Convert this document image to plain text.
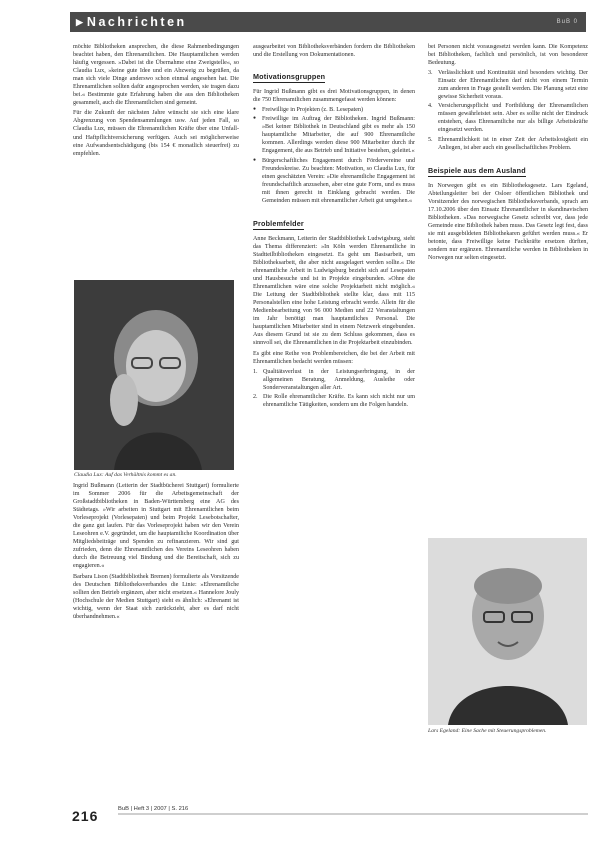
▶ Nachrichten	BuB 0

möchte Bibliotheken ansprechen, die diese Rahmenbedingungen beachtet haben, den Ehrenamtlichen. Die Hauptamtlichen werden häufig vergessen. »Dabei ist die Übernahme eine Zweigstelle«, so Claudia Lux, »keine gute Idee und ein Abzweig zu begrüßen, da man sich viele Dinge anderswo schon einmal angesehen hat. Die Ehrenamtlichen sollten dafür angesprochen werden, sie tragen dazu bei.« Bestimmte gute Erfahrung haben die aus den Bibliotheken gesammelt, auch die Ehrenamtlichen sind gemeint.

Für die Zukunft der nächsten Jahre wünscht sie sich eine klare Abgrenzung von Spendensammlungen usw. Auf jeden Fall, so Claudia Lux, müssen die Ehrenamtlichen Kräfte über eine Unfall- und Haftpflichtversicherung verfügen. Auch sei möglicherweise eine Aufwandsentschädigung (bis 154 € monatlich steuerfrei) zu empfehlen.

Claudia Lux: Auf das Verhältnis kommt es an.

Ingrid Bußmann (Leiterin der Stadtbücherei Stuttgart) formulierte im Sommer 2006 für die Arbeitsgemeinschaft der Großstadtbibliotheken in Baden-Württemberg eine AG des Städtetags. »Wir arbeiten in Stuttgart mit Ehrenamtlichen beim Vorleseprojekt (Vorlesepaten) und beim Projekt Lesebotschafter, die ganz gut laufen. Für das Vorleseprojekt haben wir den Verein Leseohren e.V. gegründet, um die hauptamtliche Koordination über Mitgliedsbeiträge und Spenden zu refinanzieren. Wir sind gut zufrieden, denn die Ehrenamtlichen des Vereins Leseohren haben durch die Betreuung viel Bindung und die Bereitschaft, sich zu engagieren.«

Barbara Lison (Stadtbibliothek Bremen) formulierte als Vorsitzende des Deutschen Bibliotheksverbandes die Linie: »Ehrenamtliche sollten den Betrieb ergänzen, aber nicht ersetzen.« Hannelore Jouly (Hochschule der Medien Stuttgart) sieht es ähnlich: »Ehrenamt ist wichtig, wenn der Staat sich zurückzieht, aber es darf nicht überhandnehmen.«

ausgearbeitet von Bibliotheksverbänden fordern die Bibliotheken und die Erstellung von Dokumentationen.

Motivationsgruppen

Für Ingrid Bußmann gibt es drei Motivationsgruppen, in denen die 750 Ehrenamtlichen zusammengefasst werden können:

● Freiwillige in Projekten (z. B. Lesepaten)
● Freiwillige im Auftrag der Bibliotheken. Ingrid Bußmann: »Bei keiner Bibliothek in Deutschland gibt es mehr als 150 hauptamtliche Mitarbeiter, die auf 900 Ehrenamtliche kommen. Allerdings werden diese 900 Mitarbeiter durch ihr Engagement, die aus Betrieb und Initiative bestehen, geleitet.«
● Bürgerschaftliches Engagement durch Fördervereine und Freundeskreise. Zu beachten: Motivation, so Claudia Lux, für einen geschätzten Verein: »Die ehrenamtliche Engagement ist freundschaftlich anzusehen, aber eine gute Form, und es muss mit ihnen gerecht in Einklang gebracht werden. Die Gemeinden müssen mit ehrenamtlicher Arbeit gut umgehen.«
Problemfelder

Anne Beckmann, Leiterin der Stadtbibliothek Ludwigsburg, sieht das Thema differenziert: »In Köln werden Ehrenamtliche in Stadtteilbibliotheken eingesetzt. Es geht um Basisarbeit, um Bibliotheksarbeit, die aber nicht ausgelagert werden sollte.« Die ehrenamtliche Arbeit in Ludwigsburg bezieht sich auf Lesepaten und Hausbesuche und ist in Projekte eingebunden. »Ohne die Ehrenamtlichen wäre eine solche Projektarbeit nicht möglich.« Die Leitung der Stadtbibliothek stellte klar, dass mit 115 Personalstellen eine hohe Leistung erbracht werde. Allein für die Medienbearbeitung von 96 000 Medien und 22 Veranstaltungen im Jahr benötigt man hauptamtliches Personal. Die hauptamtlichen Mitarbeiter sind in einem Netzwerk eingebunden. Aus diesem Grund ist sie zu dem Schluss gekommen, dass es sinnvoll sei, die Ehrenamtlichen in die Projektarbeit einzubinden.

Es gibt eine Reihe von Problembereichen, die bei der Arbeit mit Ehrenamtlichen bedacht werden müssen:

1. Qualitätsverlust in der Leistungserbringung, in der allgemeinen Beratung, Anmeldung, Ausleihe oder Sonderveranstaltungen aller Art.
2. Die Rolle ehrenamtlicher Kräfte. Es kann sich nicht nur um ehrenamtliche Tätigkeiten, sondern um die Folgen handeln.

bei Personen nicht vorausgesetzt werden kann. Die Kompetenz bei Bibliotheken, fachlich und persönlich, ist von besonderer Bedeutung.

3. Verlässlichkeit und Kontinuität sind besonders wichtig. Der Einsatz der Ehrenamtlichen darf nicht von einem Termin zum anderen in Frage gestellt werden. Die Planung setzt eine gewisse Sicherheit voraus.
4. Versicherungspflicht und Fortbildung der Ehrenamtlichen müssen gewährleistet sein. Aber es sollte nicht der Eindruck entstehen, dass Ehrenamtliche nur als billige Arbeitskräfte eingesetzt werden.
5. Ehrenamtlichkeit ist in einer Zeit der Arbeitslosigkeit ein Anliegen, ist aber auch ein gesellschaftliches Problem.
Beispiele aus dem Ausland

In Norwegen gibt es ein Bibliotheksgesetz. Lars Egeland, Abteilungsleiter bei der Osloer öffentlichen Bibliothek und Vorsitzender des norwegischen Bibliotheksverbands, sprach am 17.10.2006 über den Einsatz Ehrenamtlicher in skandinavischen Bibliotheken. »Das norwegische Gesetz schreibt vor, dass jede Gemeinde eine Bibliothek haben muss. Das Gesetz legt fest, dass sie mit ausgebildeten Bibliothekaren geführt werden muss.« Er betonte, dass Freiwillige keine Fachkräfte ersetzen dürften, sondern nur ergänzen. Ehrenamtliche werden in Bibliotheken in Norwegen nur selten eingesetzt.

Lars Egeland: Eine Sache mit Steuerungsproblemen.
216	BuB | Heft 3 | 2007 | S. 216
